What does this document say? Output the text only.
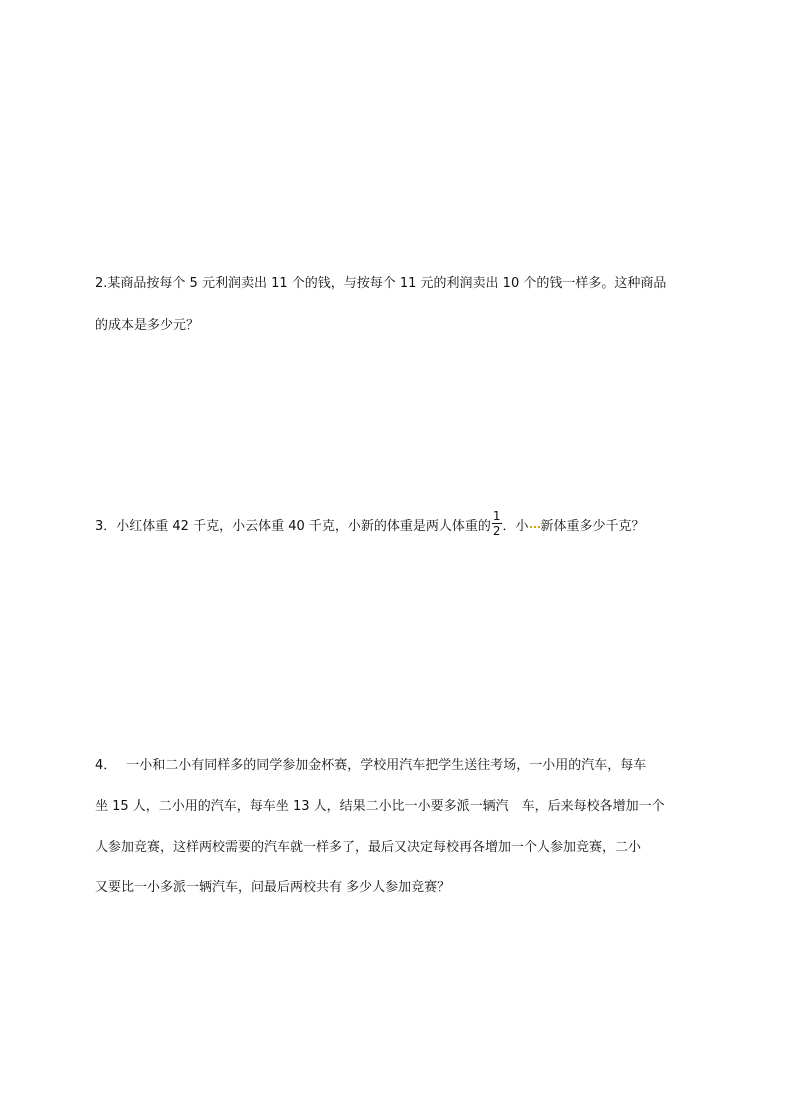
2.某商品按每个 5 元利润卖出 11 个的钱，与按每个 11 元的利润卖出 10 个的钱一样多。这种商品
的成本是多少元？
3．小红体重 42 千克，小云体重 40 千克，小新的体重是两人体重的 $\frac{1}{2}$ ．小 新体重多少千克？
4． 一小和二小有同样多的同学参加金杯赛，学校用汽车把学生送往考场，一小用的汽车，每车
坐 15 人，二小用的汽车，每车坐 13 人，结果二小比一小要多派一辆汽　车，后来每校各增加一个
人参加竞赛，这样两校需要的汽车就一样多了，最后又决定每校再各增加一个人参加竞赛，二小
又要比一小多派一辆汽车，问最后两校共有 多少人参加竞赛？
